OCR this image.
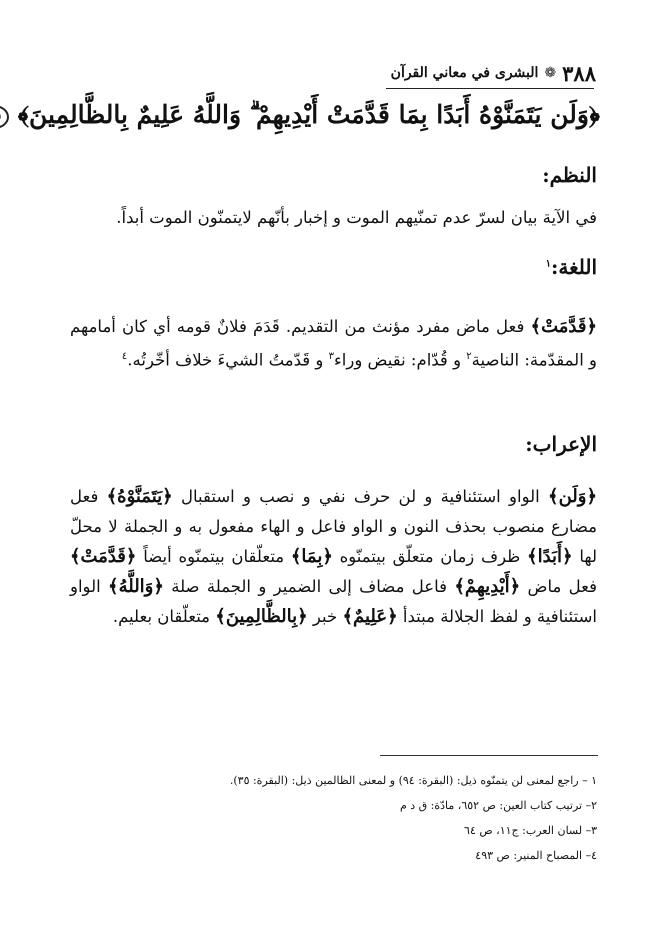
٣٨٨
❁
البشرى في معاني القرآن
﴿وَلَن يَتَمَنَّوْهُ أَبَدًا بِمَا قَدَّمَتْ أَيْدِيهِمْ ۗ وَاللَّهُ عَلِيمٌ بِالظَّالِمِينَ﴾
النظم:
في الآية بيان لسرّ عدم تمنّيهم الموت و إخبار بأنّهم لايتمنّون الموت أبداً.
اللغة:$^١$
﴿قَدَّمَتْ﴾ فعل ماض مفرد مؤنث من التقديم. قَدَمَ فلانٌ قومه أي كان أمامهم و المقدّمة: الناصية$^٢$ و قُدّام: نقيض وراء$^٣$ و قَدّمتُ الشيءَ خلاف أخّرتُه.$^٤$
الإعراب:
﴿وَلَن﴾ الواو استئنافية و لن حرف نفي و نصب و استقبال ﴿يَتَمَنَّوْهُ﴾ فعل مضارع منصوب بحذف النون و الواو فاعل و الهاء مفعول به و الجملة لا محلّ لها ﴿أَبَدًا﴾ ظرف زمان متعلّق بيتمنّوه ﴿بِمَا﴾ متعلّقان بيتمنّوه أيضاً ﴿قَدَّمَتْ﴾ فعل ماض ﴿أَيْدِيهِمْ﴾ فاعل مضاف إلى الضمير و الجملة صلة ﴿وَاللَّهُ﴾ الواو استئنافية و لفظ الجلالة مبتدأ ﴿عَلِيمٌ﴾ خبر ﴿بِالظَّالِمِينَ﴾ متعلّقان بعليم.
١ – راجع لمعنى لن يتمنّوه ذيل: (البقرة: ٩٤) و لمعنى الظالمين ذيل: (البقرة: ٣٥).
٢– ترتيب كتاب العين: ص ٦٥٢، مادّة: ق د م
٣– لسان العرب: ج١١، ص ٦٤
٤– المصباح المنير: ص ٤٩٣
